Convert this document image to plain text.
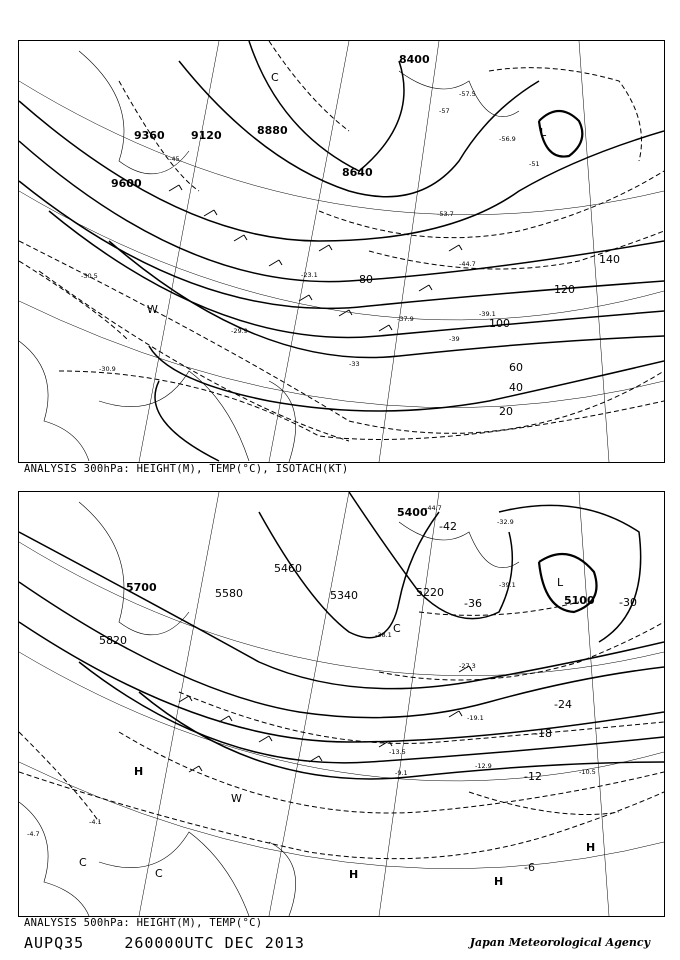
8400
8640
8880
9120
9360
9600
20
40
60
80
100
120
140
-57
-51
-45
-39
-33
L
C
W
-57.5
-56.9
-53.7
-44.7
-39.1
-37.9
-30.5
-30.9
-23.1
-29.9
ANALYSIS 300hPa: HEIGHT(M), TEMP(°C), ISOTACH(KT)
5100
5220
5340
5400
5460
5580
5700
5820
-42
-36	-30
-24
-18
-12
-6
L
C
H
H
H
H
C
C
W
-44.7
-39.1
-32.9
-38.1
-27.3
-19.1
-13.5
-12.9
-10.5
-9.1
-4.1
-4.7
ANALYSIS 500hPa: HEIGHT(M), TEMP(°C)
AUPQ35	260000UTC DEC 2013	Japan Meteorological Agency
